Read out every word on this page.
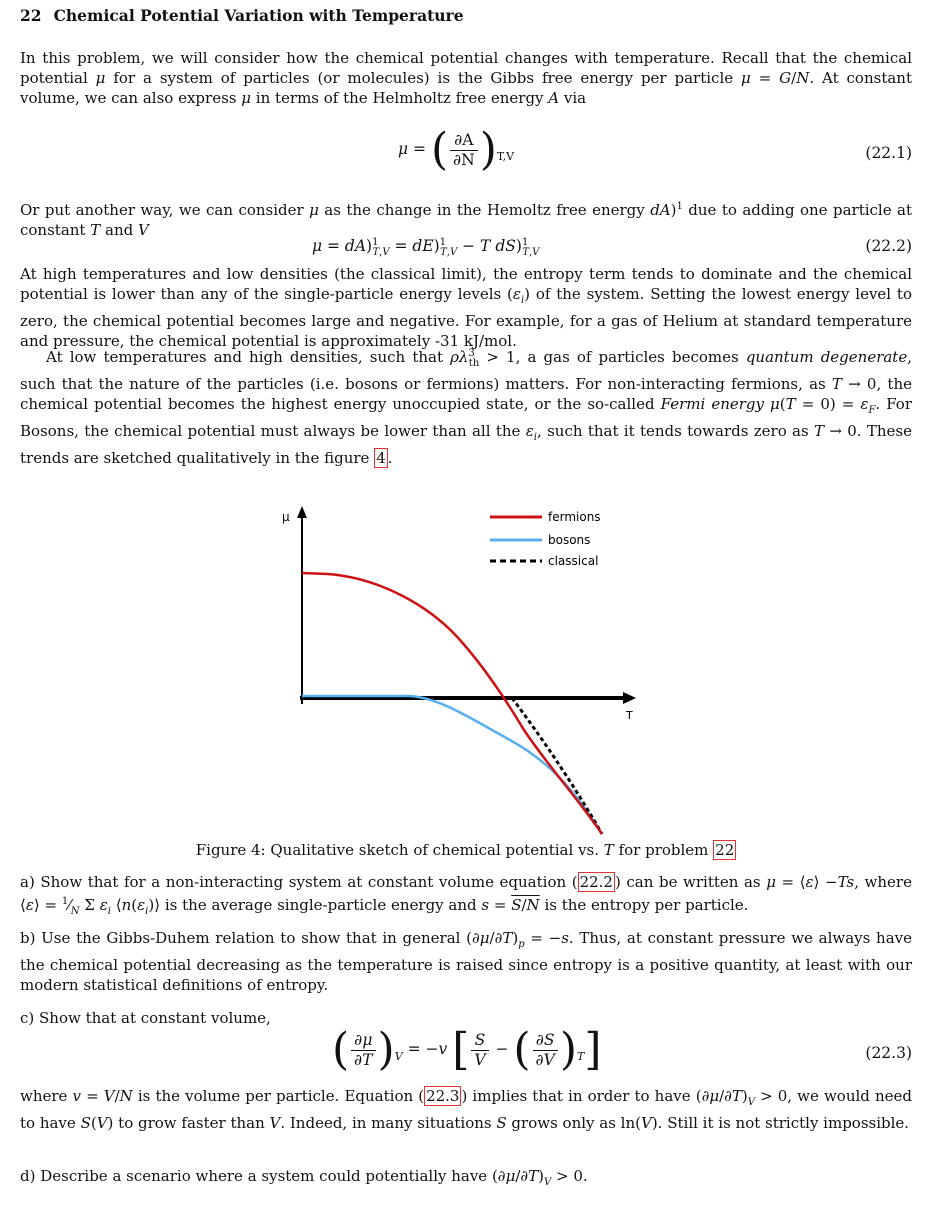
22 Chemical Potential Variation with Temperature
In this problem, we will consider how the chemical potential changes with temperature. Recall that the chemical potential μ for a system of particles (or molecules) is the Gibbs free energy per particle μ = G/N. At constant volume, we can also express μ in terms of the Helmholtz free energy A via
μ = ( $\frac{\partial A}{\partial N} )_{T,V}$	(22.1)
Or put another way, we can consider μ as the change in the Hemoltz free energy dA)$^1$ due to adding one particle at constant T and V
μ = dA)$^1_{T,V}$ = dE)$^1_{T,V}$ − T dS)$^1_{T,V}$	(22.2)
At high temperatures and low densities (the classical limit), the entropy term tends to dominate and the chemical potential is lower than any of the single-particle energy levels $(\varepsilon_i)$ of the system. Setting the lowest energy level to zero, the chemical potential becomes large and negative. For example, for a gas of Helium at standard temperature and pressure, the chemical potential is approximately -31 kJ/mol.
At low temperatures and high densities, such that $\rho\lambda^3_{th} > 1$, a gas of particles becomes quantum degenerate, such that the nature of the particles (i.e. bosons or fermions) matters. For non-interacting fermions, as T → 0, the chemical potential becomes the highest energy unoccupied state, or the so-called Fermi energy $\mu(T = 0) = \varepsilon_F$. For Bosons, the chemical potential must always be lower than all the $\varepsilon_i$, such that it tends towards zero as T → 0. These trends are sketched qualitatively in the figure 4 .
μ
T
fermions
bosons
classical
Figure 4: Qualitative sketch of chemical potential vs. T for problem 22
a) Show that for a non-interacting system at constant volume equation ( 22.2 ) can be written as μ = ⟨ε⟩ −Ts, where ⟨ε⟩ = $^1⁄_N$ Σ $\varepsilon_i$ $⟨n(\varepsilon_i)⟩$ is the average single-particle energy and s = S/N is the entropy per particle.
b) Use the Gibbs-Duhem relation to show that in general $(\partial\mu/\partial T)_p = -s$. Thus, at constant pressure we always have the chemical potential decreasing as the temperature is raised since entropy is a positive quantity, at least with our modern statistical definitions of entropy.
c) Show that at constant volume,
( $\frac{\partial\mu}{\partial T} )_V = -v$ [ $\frac{S}{V}$ − ( $\frac{\partial S}{\partial V} )_T$]	(22.3)
where v = V/N is the volume per particle. Equation ( 22.3 ) implies that in order to have $(\partial\mu/\partial T)_V > 0$, we would need to have S(V) to grow faster than V. Indeed, in many situations S grows only as ln(V). Still it is not strictly impossible.
d) Describe a scenario where a system could potentially have $(\partial\mu/\partial T)_V > 0$.
